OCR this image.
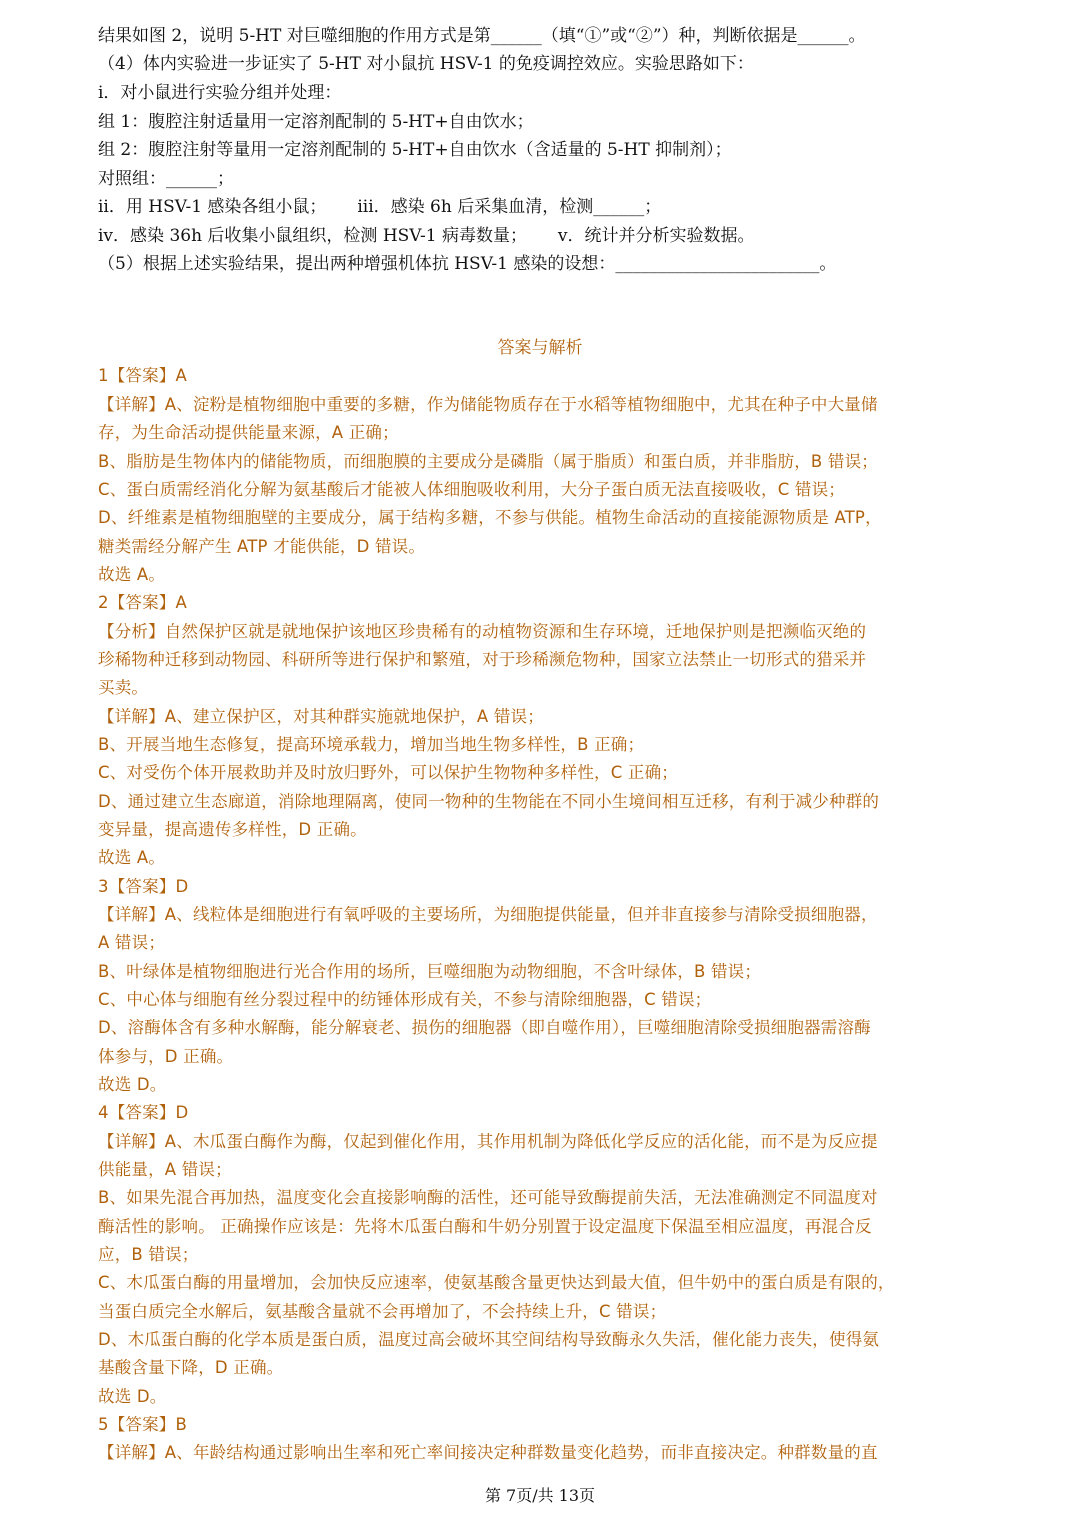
结果如图 2，说明 5-HT 对巨噬细胞的作用方式是第______（填“①”或“②”）种，判断依据是______。
（4）体内实验进一步证实了 5-HT 对小鼠抗 HSV-1 的免疫调控效应。实验思路如下：
i．对小鼠进行实验分组并处理：
组 1：腹腔注射适量用一定溶剂配制的 5-HT+自由饮水；
组 2：腹腔注射等量用一定溶剂配制的 5-HT+自由饮水（含适量的 5-HT 抑制剂）；
对照组：______；
ii．用 HSV-1 感染各组小鼠；　　 iii．感染 6h 后采集血清，检测______；
iv．感染 36h 后收集小鼠组织，检测 HSV-1 病毒数量；　　 v．统计并分析实验数据。
（5）根据上述实验结果，提出两种增强机体抗 HSV-1 感染的设想：________________________。
答案与解析
1【答案】A
【详解】A、淀粉是植物细胞中重要的多糖，作为储能物质存在于水稻等植物细胞中，尤其在种子中大量储
存，为生命活动提供能量来源，A 正确；
B、脂肪是生物体内的储能物质，而细胞膜的主要成分是磷脂（属于脂质）和蛋白质，并非脂肪，B 错误；
C、蛋白质需经消化分解为氨基酸后才能被人体细胞吸收利用，大分子蛋白质无法直接吸收，C 错误；
D、纤维素是植物细胞壁的主要成分，属于结构多糖，不参与供能。植物生命活动的直接能源物质是 ATP，
糖类需经分解产生 ATP 才能供能，D 错误。
故选 A。
2【答案】A
【分析】自然保护区就是就地保护该地区珍贵稀有的动植物资源和生存环境，迁地保护则是把濒临灭绝的
珍稀物种迁移到动物园、科研所等进行保护和繁殖，对于珍稀濒危物种，国家立法禁止一切形式的猎采并
买卖。
【详解】A、建立保护区，对其种群实施就地保护，A 错误；
B、开展当地生态修复，提高环境承载力，增加当地生物多样性，B 正确；
C、对受伤个体开展救助并及时放归野外，可以保护生物物种多样性，C 正确；
D、通过建立生态廊道，消除地理隔离，使同一物种的生物能在不同小生境间相互迁移，有利于减少种群的
变异量，提高遗传多样性，D 正确。
故选 A。
3【答案】D
【详解】A、线粒体是细胞进行有氧呼吸的主要场所，为细胞提供能量，但并非直接参与清除受损细胞器，
A 错误；
B、叶绿体是植物细胞进行光合作用的场所，巨噬细胞为动物细胞，不含叶绿体，B 错误；
C、中心体与细胞有丝分裂过程中的纺锤体形成有关，不参与清除细胞器，C 错误；
D、溶酶体含有多种水解酶，能分解衰老、损伤的细胞器（即自噬作用），巨噬细胞清除受损细胞器需溶酶
体参与，D 正确。
故选 D。
4【答案】D
【详解】A、木瓜蛋白酶作为酶，仅起到催化作用，其作用机制为降低化学反应的活化能，而不是为反应提
供能量，A 错误；
B、如果先混合再加热，温度变化会直接影响酶的活性，还可能导致酶提前失活，无法准确测定不同温度对
酶活性的影响。 正确操作应该是：先将木瓜蛋白酶和牛奶分别置于设定温度下保温至相应温度，再混合反
应，B 错误；
C、木瓜蛋白酶的用量增加，会加快反应速率，使氨基酸含量更快达到最大值，但牛奶中的蛋白质是有限的，
当蛋白质完全水解后，氨基酸含量就不会再增加了，不会持续上升，C 错误；
D、木瓜蛋白酶的化学本质是蛋白质，温度过高会破坏其空间结构导致酶永久失活，催化能力丧失，使得氨
基酸含量下降，D 正确。
故选 D。
5【答案】B
【详解】A、年龄结构通过影响出生率和死亡率间接决定种群数量变化趋势，而非直接决定。种群数量的直
第 7页/共 13页
